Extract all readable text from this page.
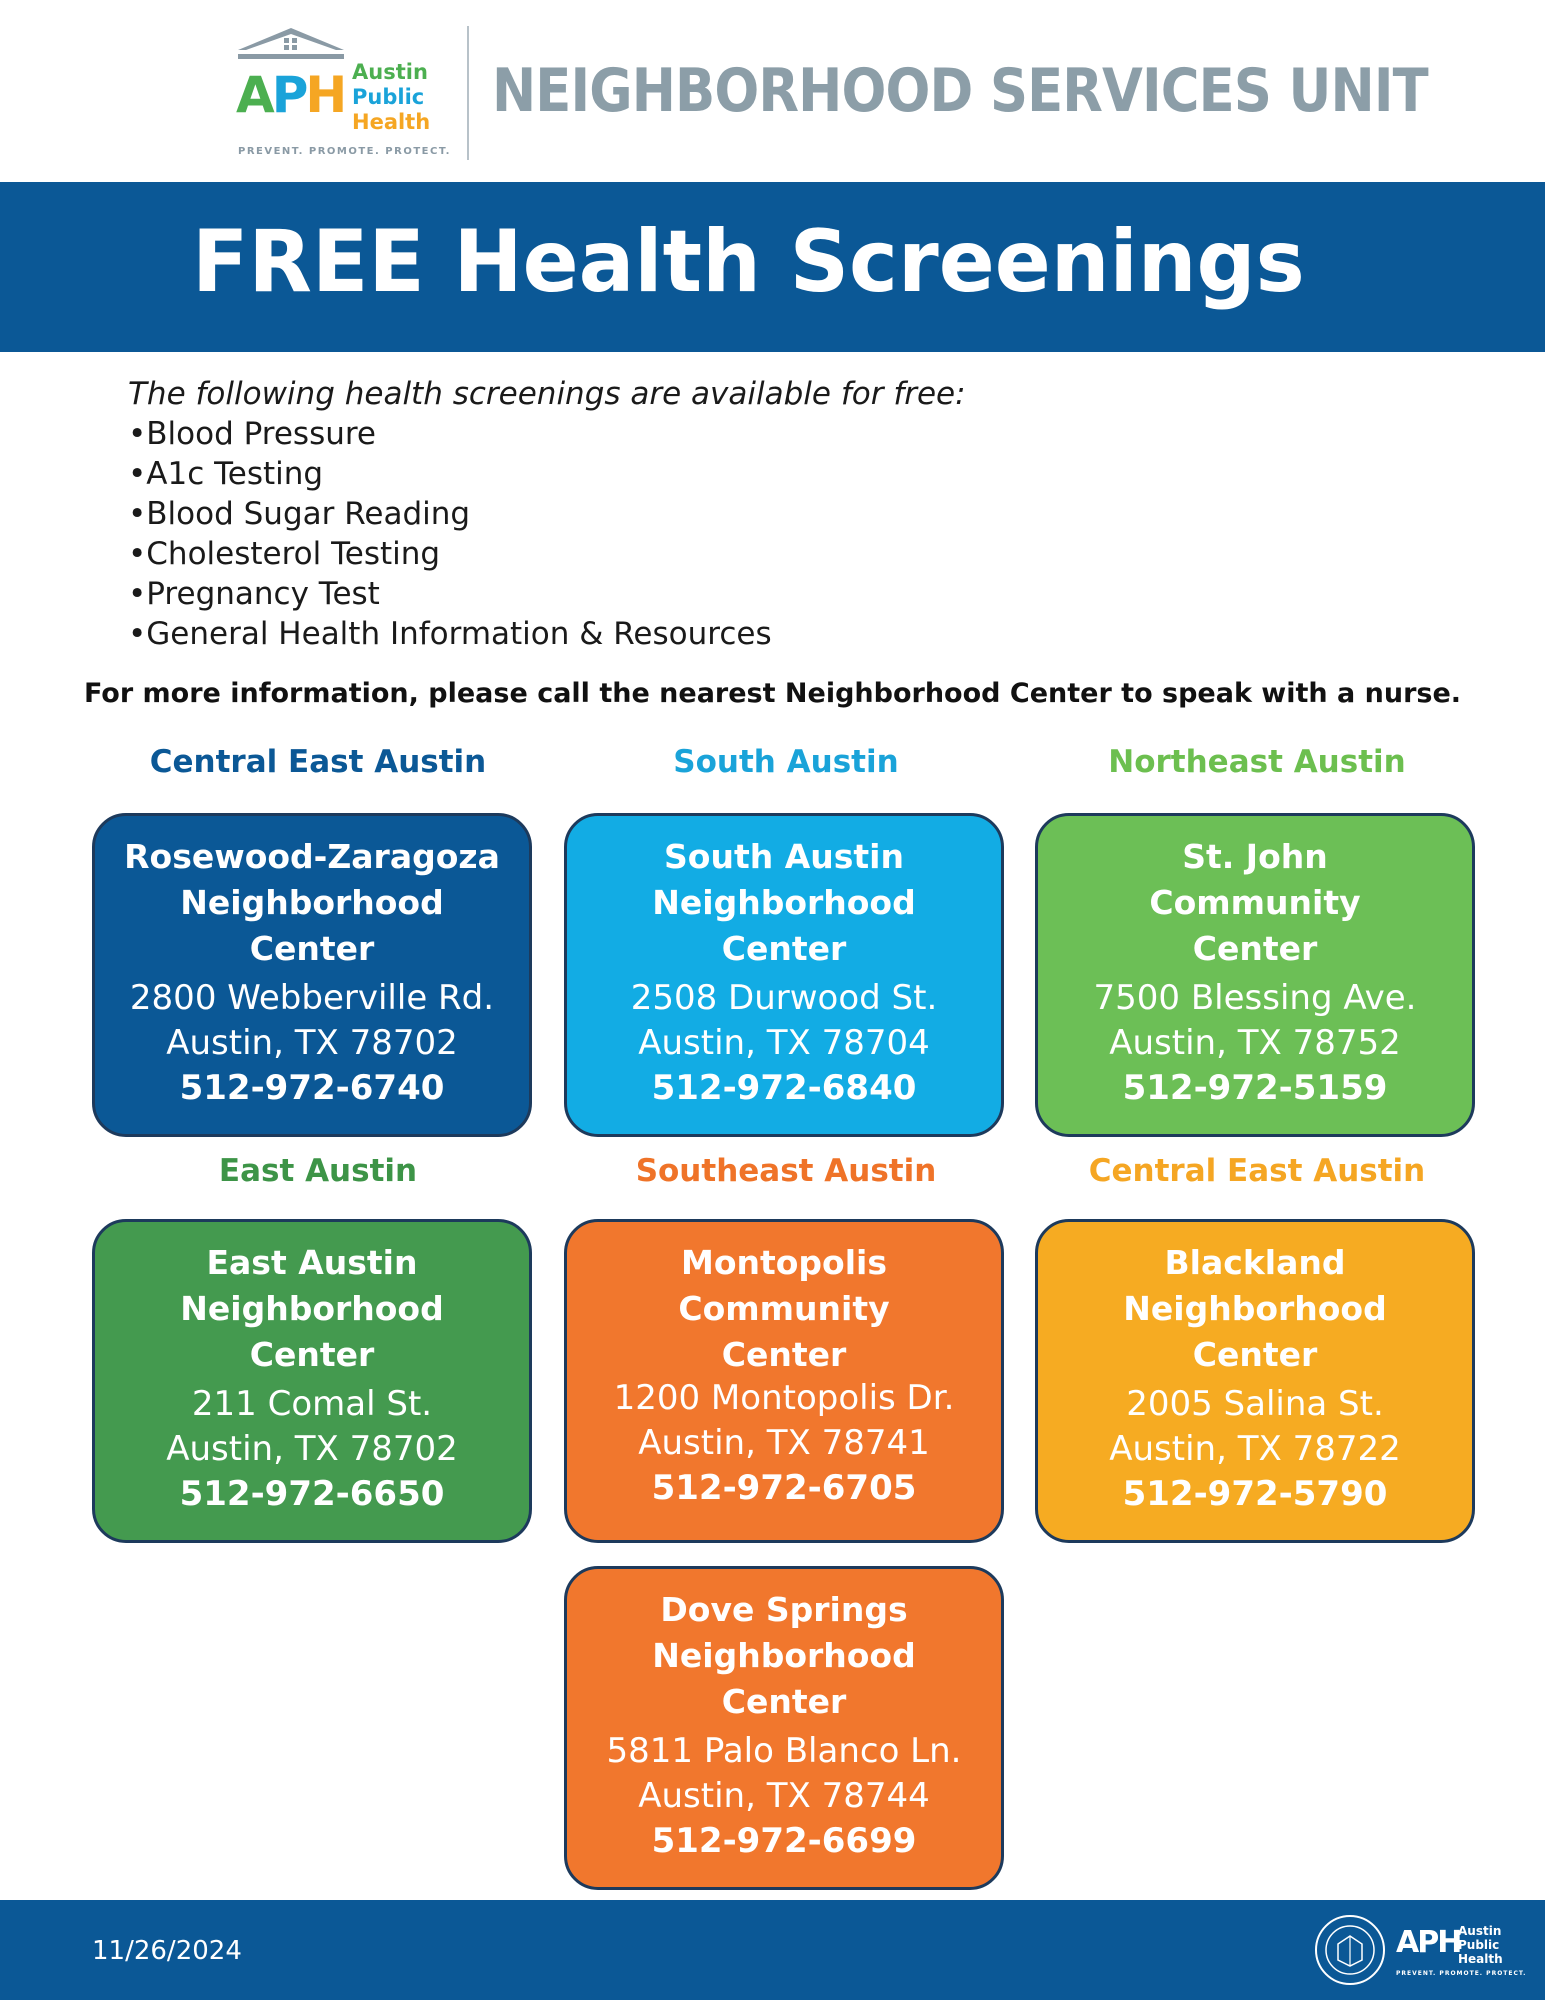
APH Austin
Public
Health
PREVENT. PROMOTE. PROTECT.
NEIGHBORHOOD SERVICES UNIT
FREE Health Screenings
The following health screenings are available for free:
•Blood Pressure
•A1c Testing
•Blood Sugar Reading
•Cholesterol Testing
•Pregnancy Test
•General Health Information & Resources
For more information, please call the nearest Neighborhood Center to speak with a nurse.
Central East Austin	South Austin	Northeast Austin
East Austin	Southeast Austin	Central East Austin
Rosewood-Zaragoza
Neighborhood
Center
2800 Webberville Rd.
Austin, TX 78702
512-972-6740
South Austin
Neighborhood
Center
2508 Durwood St.
Austin, TX 78704
512-972-6840
St. John
Community
Center
7500 Blessing Ave.
Austin, TX 78752
512-972-5159
East Austin
Neighborhood
Center
211 Comal St.
Austin, TX 78702
512-972-6650
Montopolis
Community
Center
1200 Montopolis Dr.
Austin, TX 78741
512-972-6705
Blackland
Neighborhood
Center
2005 Salina St.
Austin, TX 78722
512-972-5790
Dove Springs
Neighborhood
Center
5811 Palo Blanco Ln.
Austin, TX 78744
512-972-6699
11/26/2024	APH
Austin
Public
Health
PREVENT. PROMOTE. PROTECT.
